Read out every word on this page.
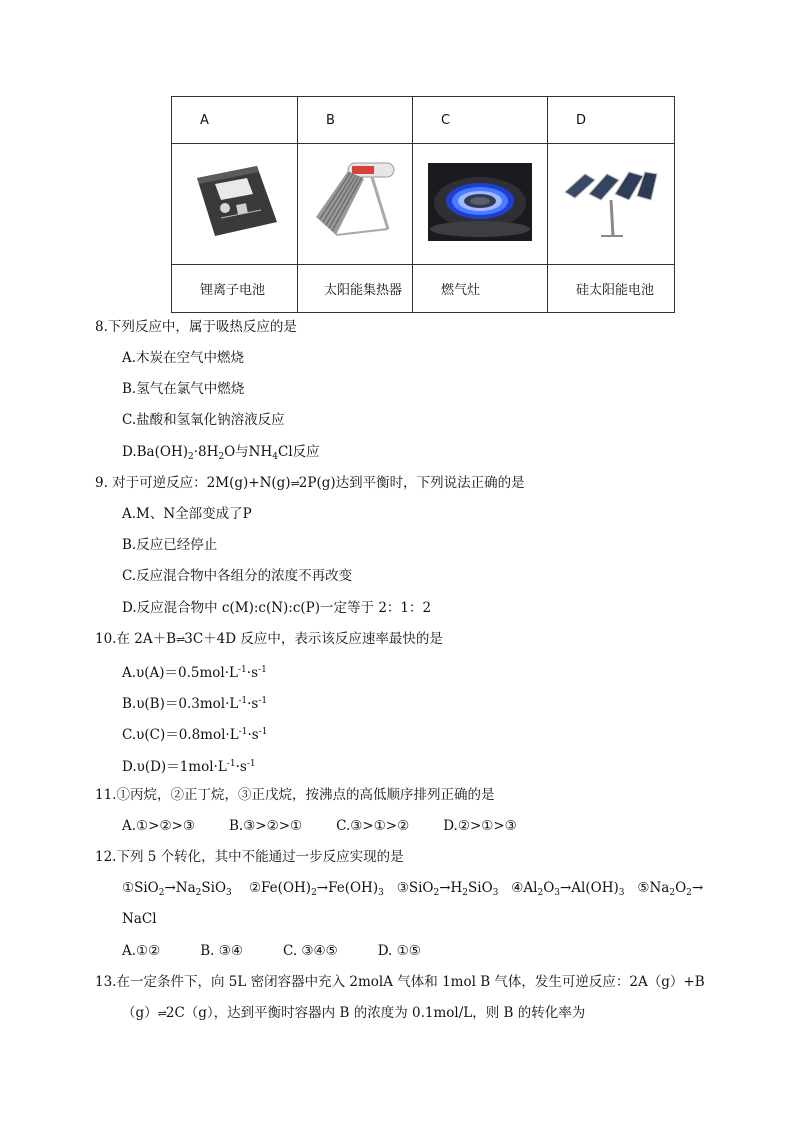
A	B	C	D

锂离子电池	太阳能集热器	燃气灶	硅太阳能电池
8.下列反应中，属于吸热反应的是
A.木炭在空气中燃烧
B.氢气在氯气中燃烧
C.盐酸和氢氧化钠溶液反应
$D.Ba(OH)_2\cdot 8H_2O$与$NH_4Cl$反应
9. 对于可逆反应：2M(g)+N(g)⇌2P(g)达到平衡时，下列说法正确的是
A.M、N全部变成了P
B.反应已经停止
C.反应混合物中各组分的浓度不再改变
D.反应混合物中 c(M):c(N):c(P)一定等于 2：1：2
10.在 2A＋B⇌3C＋4D 反应中，表示该反应速率最快的是
$A.\upsilon(A)=0.5mol\cdot L^{-1}\cdot s^{-1}$
$B.\upsilon(B)=0.3mol\cdot L^{-1}\cdot s^{-1}$
$C.\upsilon(C)=0.8mol\cdot L^{-1}\cdot s^{-1}$
$D.\upsilon(D)=1mol\cdot L^{-1}\cdot s^{-1}$
11.①丙烷，②正丁烷，③正戊烷，按沸点的高低顺序排列正确的是
A.①>②>③	B.③>②>①	C.③>①>②	D.②>①>③
12.下列 5 个转化，其中不能通过一步反应实现的是
$①SiO_2\to Na_2SiO_3$ $②Fe(OH)_2\to Fe(OH)_3$ $③SiO_2\to H_2SiO_3$ $④Al_2O_3\to Al(OH)_3$ $⑤Na_2O_2\to$
NaCl
A.①②	B. ③④	C. ③④⑤	D. ①⑤
13.在一定条件下，向 5L 密闭容器中充入 2molA 气体和 1mol B 气体，发生可逆反应：2A（g）+B
（g）⇌2C（g），达到平衡时容器内 B 的浓度为 0.1mol/L，则 B 的转化率为
